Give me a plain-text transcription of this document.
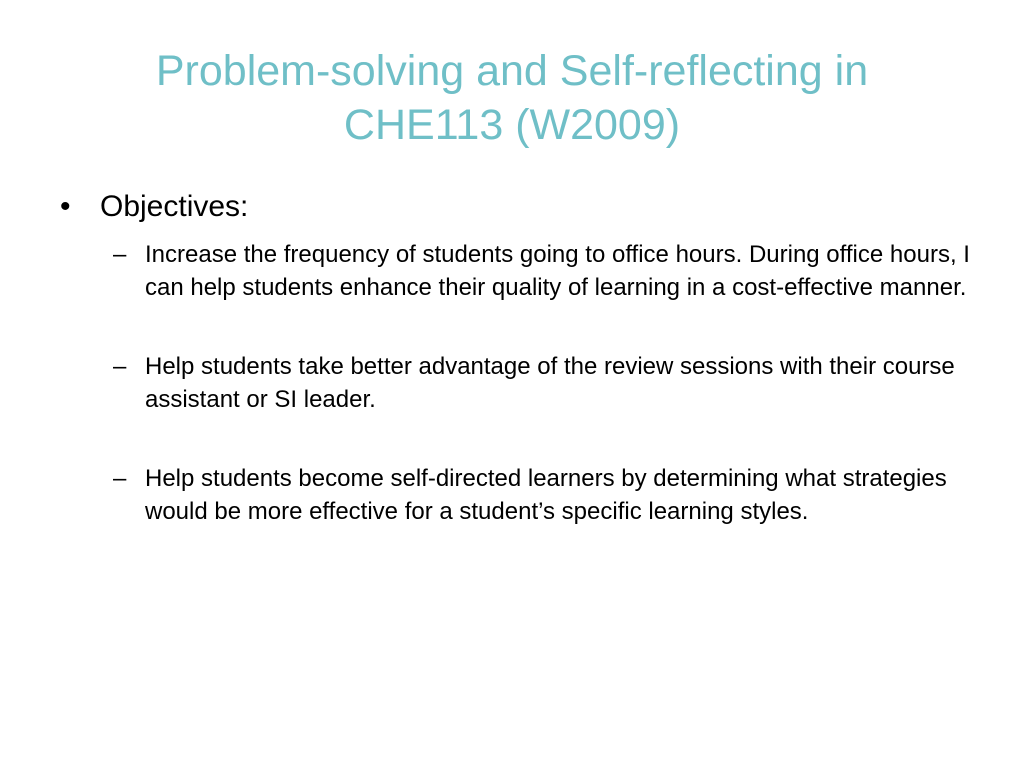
Problem-solving and Self-reflecting in
CHE113 (W2009)
• Objectives:
– Increase the frequency of students going to office hours. During office hours, I can help students enhance their quality of learning in a cost-effective manner.
– Help students take better advantage of the review sessions with their course assistant or SI leader.
– Help students become self-directed learners by determining what strategies would be more effective for a student’s specific learning styles.
